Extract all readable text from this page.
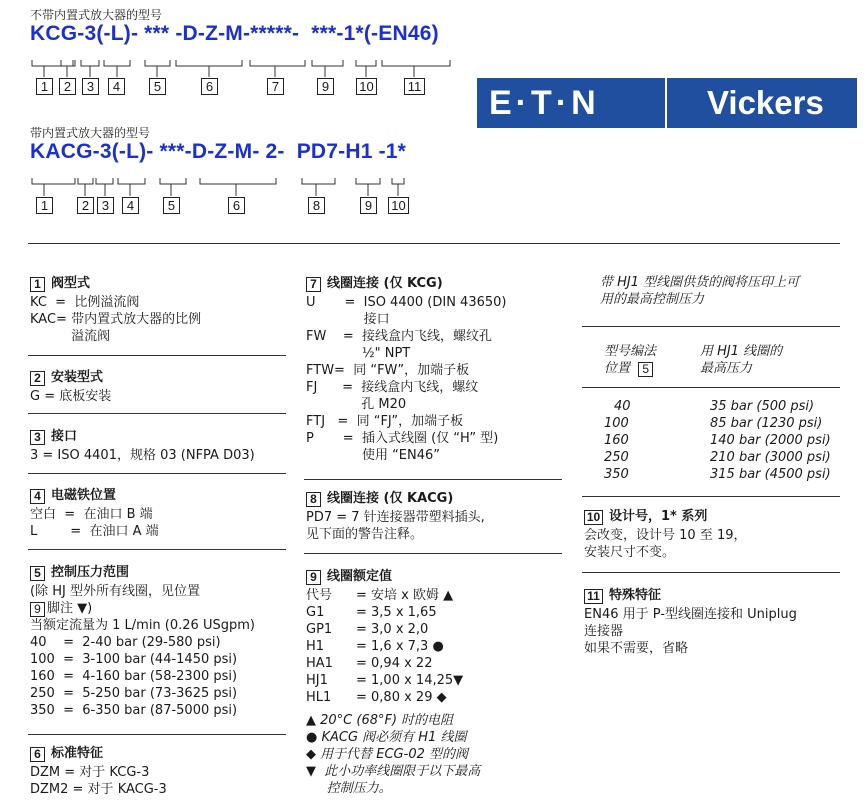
不带内置式放大器的型号
KCG-3(-L)- *** -D-Z-M-*****-  ***-1*(-EN46)
带内置式放大器的型号
KACG-3(-L)- ***-D-Z-M- 2-  PD7-H1 -1*
1	2	3	4	5	6	7	9	10	11
1	2 3	4	5	6	8	9	10
E·T·N	Vickers
1 阀型式
KC  = 比例溢流阀
KAC= 带内置式放大器的比例
溢流阀
2 安装型式
G = 底板安装
3 接口
3 = ISO 4401，规格 03 (NFPA D03)
4 电磁铁位置
空白  = 在油口 B 端
L        = 在油口 A 端
5 控制压力范围
(除 HJ 型外所有线圈，见位置
9 脚注 ▼)
当额定流量为 1 L/min (0.26 USgpm)
40    = 2-40 bar (29-580 psi)
100  = 3-100 bar (44-1450 psi)
160  = 4-160 bar (58-2300 psi)
250  = 5-250 bar (73-3625 psi)
350  = 6-350 bar (87-5000 psi)
6 标准特征
DZM = 对于 KCG-3
DZM2 = 对于 KACG-3
7 线圈连接 (仅 KCG)
U       = ISO 4400 (DIN 43650)
接口
FW    = 接线盒内飞线，螺纹孔
½" NPT
FTW= 同 “FW”，加端子板
FJ      = 接线盒内飞线，螺纹
孔 M20
FTJ   = 同 “FJ”，加端子板
P       = 插入式线圈 (仅 “H” 型)
使用 “EN46”
8 线圈连接 (仅 KACG)
PD7 = 7 针连接器带塑料插头,
见下面的警告注释。
9 线圈额定值
代号	= 安培 x 欧姆 ▲
G1	= 3,5 x 1,65
GP1	= 3,0 x 2,0
H1	= 1,6 x 7,3 ●
HA1	= 0,94 x 22
HJ1	= 1,00 x 14,25▼
HL1	= 0,80 x 29 ◆
▲ 20°C (68°F) 时的电阻
● KACG 阀必须有 H1 线圈
◆ 用于代替 ECG-02 型的阀
▼  此小功率线圈限于以下最高
控制压力。
带 HJ1 型线圈供货的阀将压印上可
用的最高控制压力
型号编法	用 HJ1 线圈的
位置 5	最高压力
40	35 bar (500 psi)
100	85 bar (1230 psi)
160	140 bar (2000 psi)
250	210 bar (3000 psi)
350	315 bar (4500 psi)
10 设计号，1* 系列
会改变，设计号 10 至 19，
安装尺寸不变。
11 特殊特征
EN46 用于 P-型线圈连接和 Uniplug
连接器
如果不需要，省略
